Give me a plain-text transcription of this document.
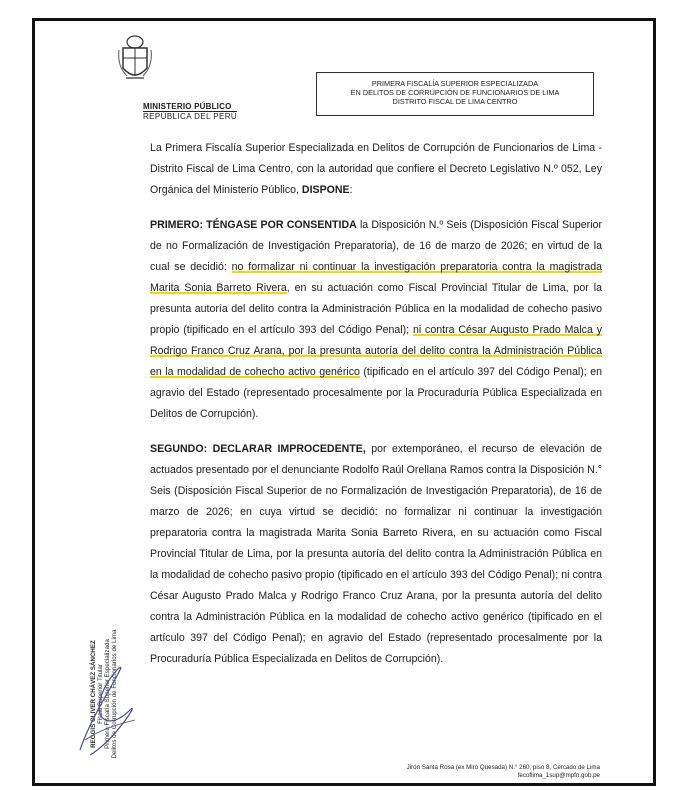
MINISTERIO PÚBLICO
REPÚBLICA DEL PERÚ
PRIMERA FISCALÍA SUPERIOR ESPECIALIZADA
EN DELITOS DE CORRUPCIÓN DE FUNCIONARIOS DE LIMA
DISTRITO FISCAL DE LIMA CENTRO

La Primera Fiscalía Superior Especializada en Delitos de Corrupción de Funcionarios de Lima - Distrito Fiscal de Lima Centro, con la autoridad que confiere el Decreto Legislativo N.º 052, Ley Orgánica del Ministerio Público, DISPONE:

PRIMERO: TÉNGASE POR CONSENTIDA la Disposición N.º Seis (Disposición Fiscal Superior de no Formalización de Investigación Preparatoria), de 16 de marzo de 2026; en virtud de la cual se decidió: no formalizar ni continuar la investigación preparatoria contra la magistrada Marita Sonia Barreto Rivera, en su actuación como Fiscal Provincial Titular de Lima, por la presunta autoría del delito contra la Administración Pública en la modalidad de cohecho pasivo propio (tipificado en el artículo 393 del Código Penal); ni contra César Augusto Prado Malca y Rodrigo Franco Cruz Arana, por la presunta autoría del delito contra la Administración Pública en la modalidad de cohecho activo genérico (tipificado en el artículo 397 del Código Penal); en agravio del Estado (representado procesalmente por la Procuraduría Pública Especializada en Delitos de Corrupción).

SEGUNDO: DECLARAR IMPROCEDENTE, por extemporáneo, el recurso de elevación de actuados presentado por el denunciante Rodolfo Raúl Orellana Ramos contra la Disposición N.° Seis (Disposición Fiscal Superior de no Formalización de Investigación Preparatoria), de 16 de marzo de 2026; en cuya virtud se decidió: no formalizar ni continuar la investigación preparatoria contra la magistrada Marita Sonia Barreto Rivera, en su actuación como Fiscal Provincial Titular de Lima, por la presunta autoría del delito contra la Administración Pública en la modalidad de cohecho pasivo propio (tipificado en el artículo 393 del Código Penal); ni contra César Augusto Prado Malca y Rodrigo Franco Cruz Arana, por la presunta autoría del delito contra la Administración Pública en la modalidad de cohecho activo genérico (tipificado en el artículo 397 del Código Penal); en agravio del Estado (representado procesalmente por la Procuraduría Pública Especializada en Delitos de Corrupción).

REGGIS OLIVER CHÁVEZ SÁNCHEZ Fiscal Superior Titular Primera Fiscalía Superior Especializada Delitos de Corrupción de Funcionarios de Lima
Jirón Santa Rosa (ex Miró Quesada) N.° 260, piso 8, Cercado de Lima
fecoflima_1sup@mpfn.gob.pe
